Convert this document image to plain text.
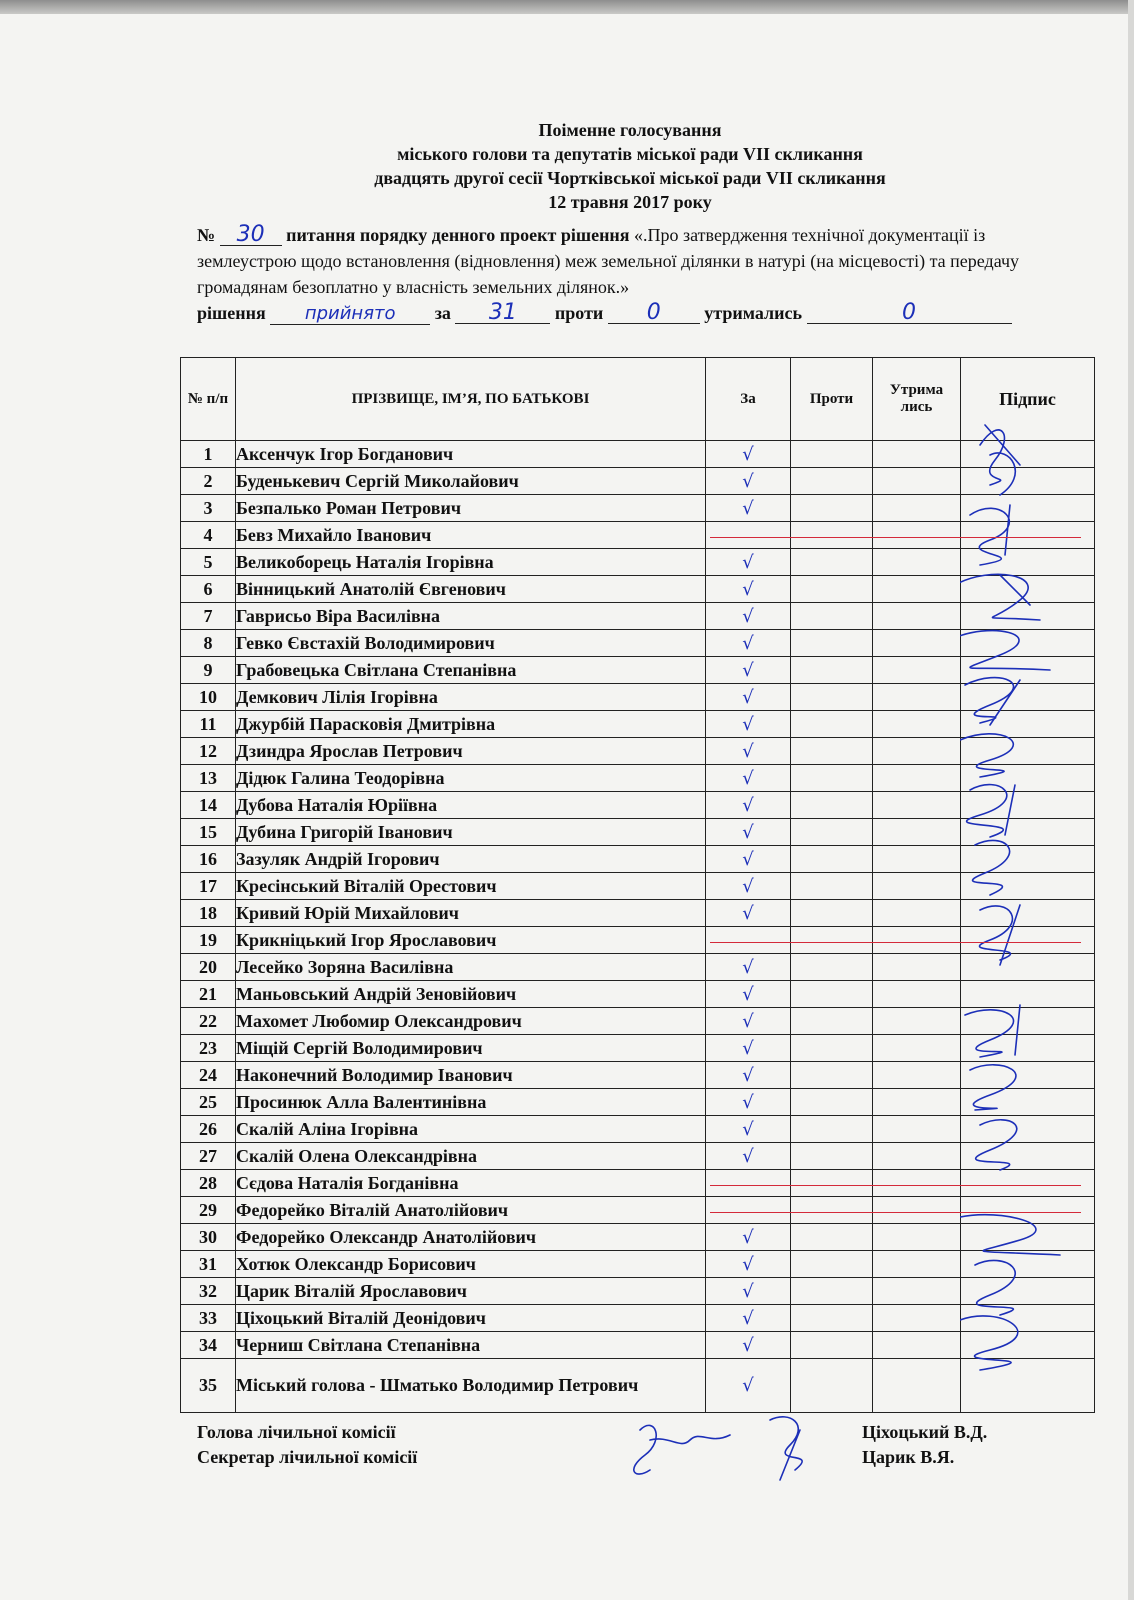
Поіменне голосування
міського голови та депутатів міської ради VII скликання
двадцять другої сесії Чортківської міської ради VII скликання
12 травня 2017 року
№ 30 питання порядку денного проект рішення «.Про затвердження технічної документації із землеустрою щодо встановлення (відновлення) меж земельної ділянки в натурі (на місцевості) та передачу громадянам безоплатно у власність земельних ділянок.»
рішення прийнято за 31 проти 0 утримались	0
№ п/п	ПРІЗВИЩЕ, ІМ’Я, ПО БАТЬКОВІ	За	Проти	Утрима лись	Підпис
1	Аксенчук Ігор Богданович	√			
2	Буденькевич Сергій Миколайович	√			
3	Безпалько Роман Петрович	√			
4	Бевз Михайло Іванович				
5	Великоборець Наталія Ігорівна	√			
6	Вінницький Анатолій Євгенович	√			
7	Гаврисьо Віра Василівна	√			
8	Гевко Євстахій Володимирович	√			
9	Грабовецька Світлана Степанівна	√			
10	Демкович Лілія Ігорівна	√			
11	Джурбій Парасковія Дмитрівна	√			
12	Дзиндра Ярослав Петрович	√			
13	Дідюк Галина Теодорівна	√			
14	Дубова Наталія Юріївна	√			
15	Дубина Григорій Іванович	√			
16	Зазуляк Андрій Ігорович	√			
17	Кресінський Віталій Орестович	√			
18	Кривий Юрій Михайлович	√			
19	Крикніцький Ігор Ярославович				
20	Лесейко Зоряна Василівна	√			
21	Маньовський Андрій Зеновійович	√			
22	Махомет Любомир Олександрович	√			
23	Міщій Сергій Володимирович	√			
24	Наконечний Володимир Іванович	√			
25	Просинюк Алла Валентинівна	√			
26	Скалій Аліна Ігорівна	√			
27	Скалій Олена Олександрівна	√			
28	Сєдова Наталія Богданівна				
29	Федорейко Віталій Анатолійович				
30	Федорейко Олександр Анатолійович	√			
31	Хотюк Олександр Борисович	√			
32	Царик Віталій Ярославович	√			
33	Ціхоцький Віталій Деонідович	√			
34	Черниш Світлана Степанівна	√			
35	Міський голова - Шматько Володимир Петрович	√			
Голова лічильної комісії
Секретар лічильної комісії
Ціхоцький В.Д.
Царик В.Я.
